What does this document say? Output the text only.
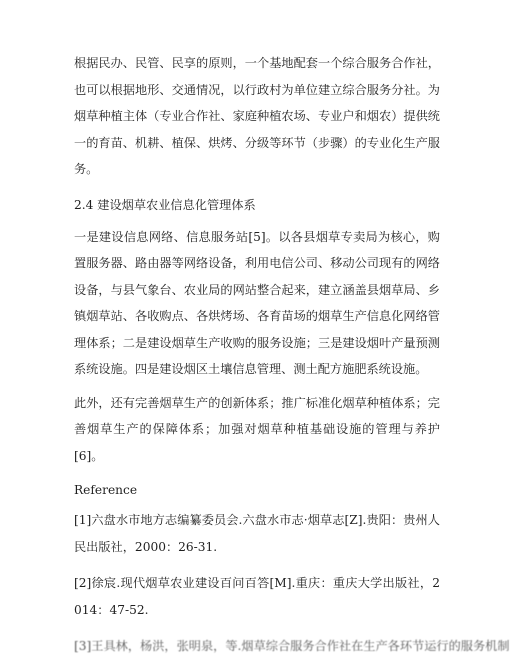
根据民办、民管、民享的原则，一个基地配套一个综合服务合作社，也可以根据地形、交通情况，以行政村为单位建立综合服务分社。为烟草种植主体（专业合作社、家庭种植农场、专业户和烟农）提供统一的育苗、机耕、植保、烘烤、分级等环节（步骤）的专业化生产服务。

2.4 建设烟草农业信息化管理体系

一是建设信息网络、信息服务站[5]。以各县烟草专卖局为核心，购置服务器、路由器等网络设备，利用电信公司、移动公司现有的网络设备，与县气象台、农业局的网站整合起来，建立涵盖县烟草局、乡镇烟草站、各收购点、各烘烤场、各育苗场的烟草生产信息化网络管理体系；二是建设烟草生产收购的服务设施；三是建设烟叶产量预测系统设施。四是建设烟区土壤信息管理、测土配方施肥系统设施。

此外，还有完善烟草生产的创新体系；推广标准化烟草种植体系；完善烟草生产的保障体系；加强对烟草种植基础设施的管理与养护[6]。

Reference

[1]六盘水市地方志编纂委员会.六盘水市志·烟草志[Z].贵阳：贵州人民出版社，2000：26-31.

[2]徐宸.现代烟草农业建设百问百答[M].重庆：重庆大学出版社，2014：47-52.

[3]王具林，杨洪，张明泉，等.烟草综合服务合作社在生产各环节运行的服务机制
